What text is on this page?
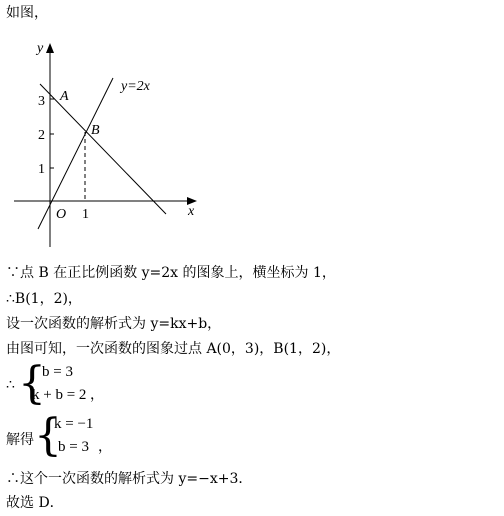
如图，
y
x
O
A
B
3
2
1
1
y=2x
∵点 B 在正比例函数 y=2x 的图象上，横坐标为 1，
∴B(1，2)，
设一次函数的解析式为 y=kx+b，
由图可知，一次函数的图象过点 A(0，3)，B(1，2)，
∴ {
b = 3
k + b = 2 ，
解得 {
k = −1
b = 3 ，
∴这个一次函数的解析式为 y=−x+3．
故选 D．
